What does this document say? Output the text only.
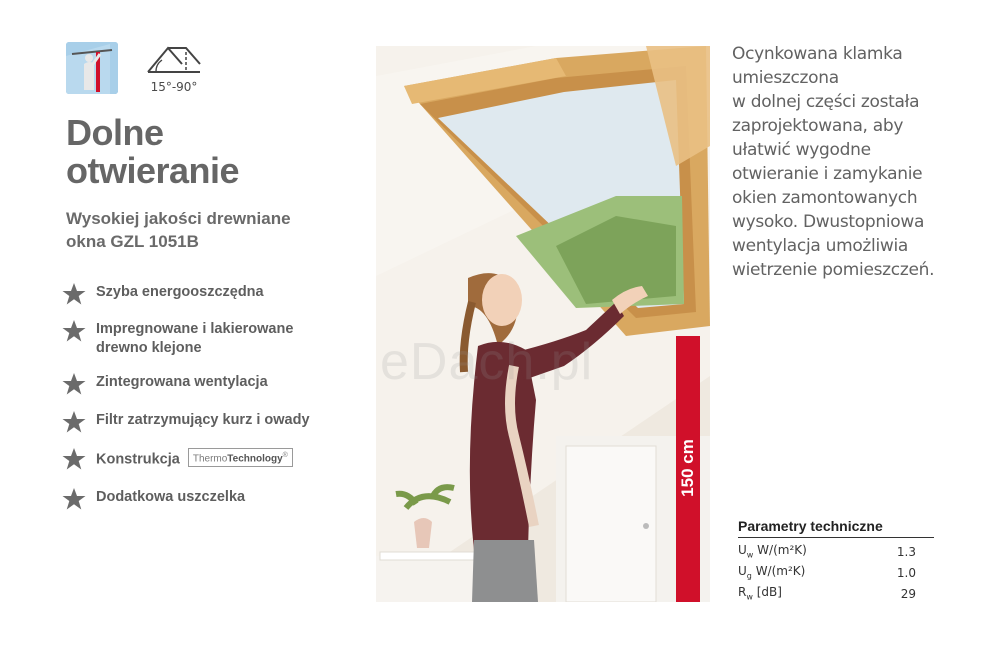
15°-90°
Dolne
otwieranie
Wysokiej jakości drewniane
okna GZL 1051B
Szyba energooszczędna
Impregnowane i lakierowane
drewno klejone
Zintegrowana wentylacja
Filtr zatrzymujący kurz i owady
Konstrukcja ThermoTechnology®
Dodatkowa uszczelka
150 cm
Ocynkowana klamka
umieszczona
w dolnej części została
zaprojektowana, aby
ułatwić wygodne
otwieranie i zamykanie
okien zamontowanych
wysoko. Dwustopniowa
wentylacja umożliwia
wietrzenie pomieszczeń.
Parametry techniczne
$U_w$ W/(m²K)	1.3
$U_g$ W/(m²K)	1.0
$R_w$ [dB]	29
